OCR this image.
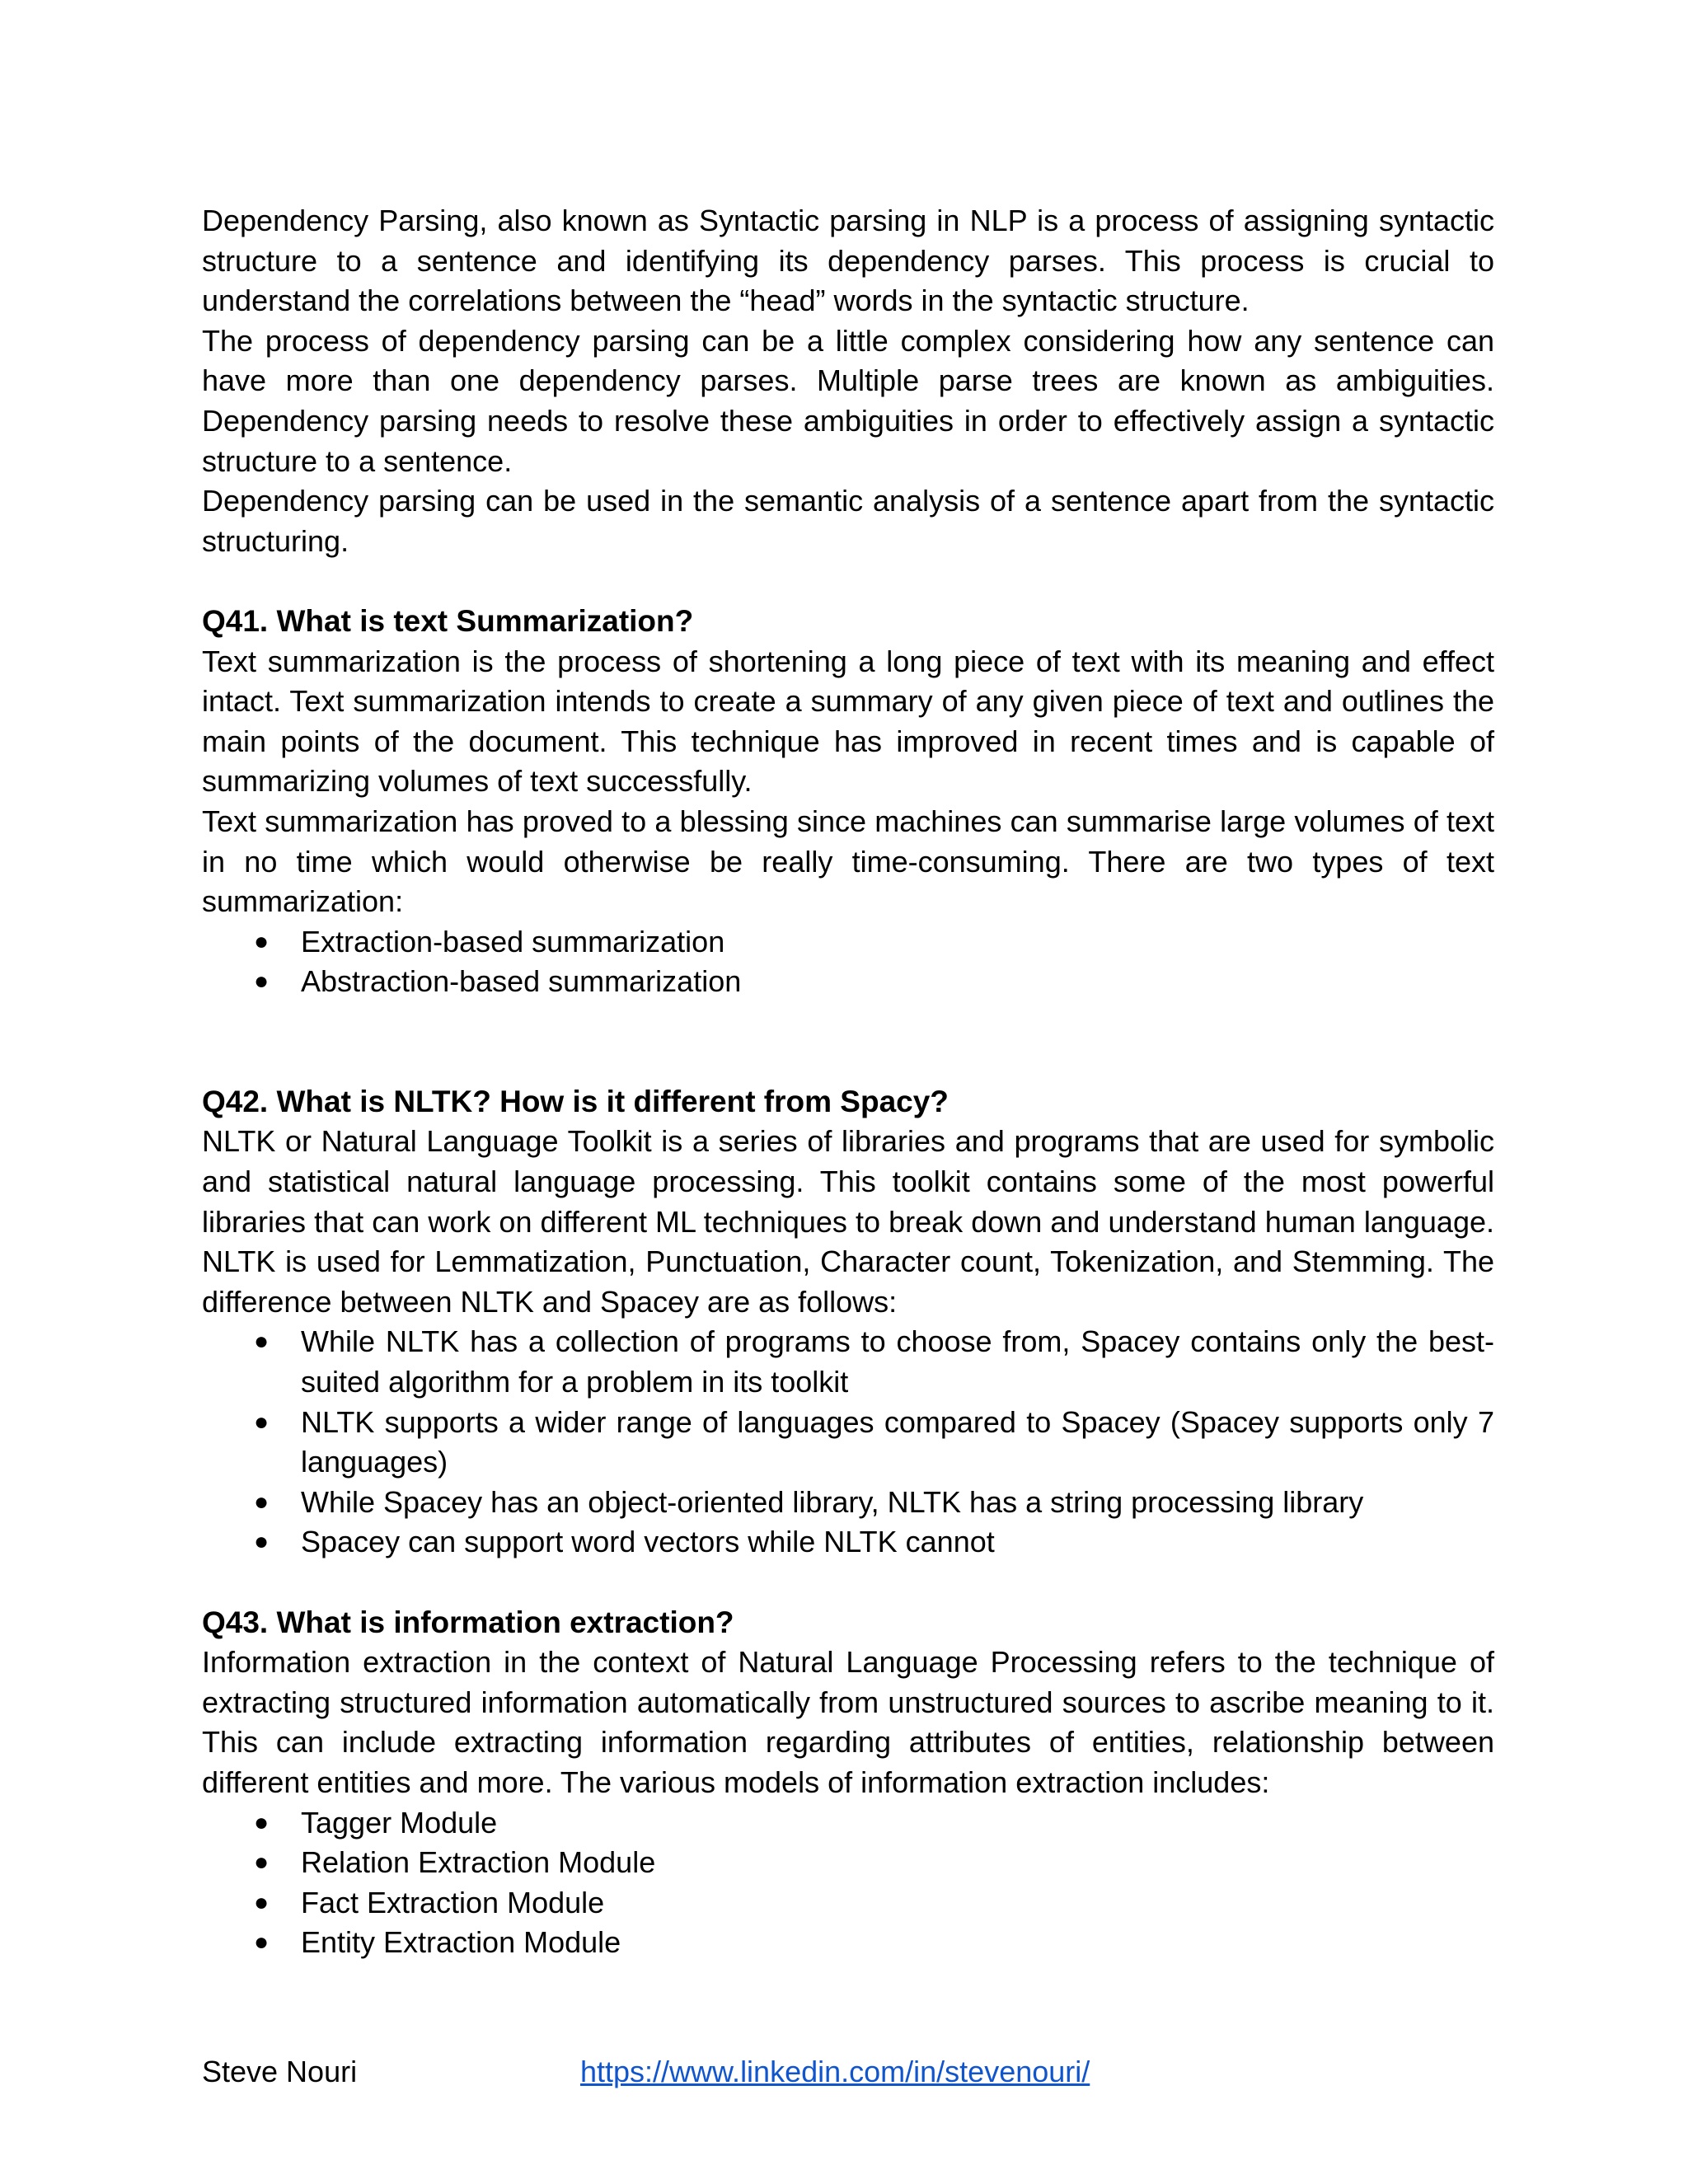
Dependency Parsing, also known as Syntactic parsing in NLP is a process of assigning syntactic structure to a sentence and identifying its dependency parses. This process is crucial to understand the correlations between the “head” words in the syntactic structure.

The process of dependency parsing can be a little complex considering how any sentence can have more than one dependency parses. Multiple parse trees are known as ambiguities. Dependency parsing needs to resolve these ambiguities in order to effectively assign a syntactic structure to a sentence.

Dependency parsing can be used in the semantic analysis of a sentence apart from the syntactic structuring.

Q41. What is text Summarization?

Text summarization is the process of shortening a long piece of text with its meaning and effect intact. Text summarization intends to create a summary of any given piece of text and outlines the main points of the document. This technique has improved in recent times and is capable of summarizing volumes of text successfully.

Text summarization has proved to a blessing since machines can summarise large volumes of text in no time which would otherwise be really time-consuming. There are two types of text summarization:

● Extraction-based summarization
● Abstraction-based summarization
Q42. What is NLTK? How is it different from Spacy?

NLTK or Natural Language Toolkit is a series of libraries and programs that are used for symbolic and statistical natural language processing. This toolkit contains some of the most powerful libraries that can work on different ML techniques to break down and understand human language. NLTK is used for Lemmatization, Punctuation, Character count, Tokenization, and Stemming. The difference between NLTK and Spacey are as follows:

● While NLTK has a collection of programs to choose from, Spacey contains only the best-suited algorithm for a problem in its toolkit
● NLTK supports a wider range of languages compared to Spacey (Spacey supports only 7 languages)
● While Spacey has an object-oriented library, NLTK has a string processing library
● Spacey can support word vectors while NLTK cannot
Q43. What is information extraction?

Information extraction in the context of Natural Language Processing refers to the technique of extracting structured information automatically from unstructured sources to ascribe meaning to it. This can include extracting information regarding attributes of entities, relationship between different entities and more. The various models of information extraction includes:

● Tagger Module
● Relation Extraction Module
● Fact Extraction Module
● Entity Extraction Module
Steve Nouri	https://www.linkedin.com/in/stevenouri/
